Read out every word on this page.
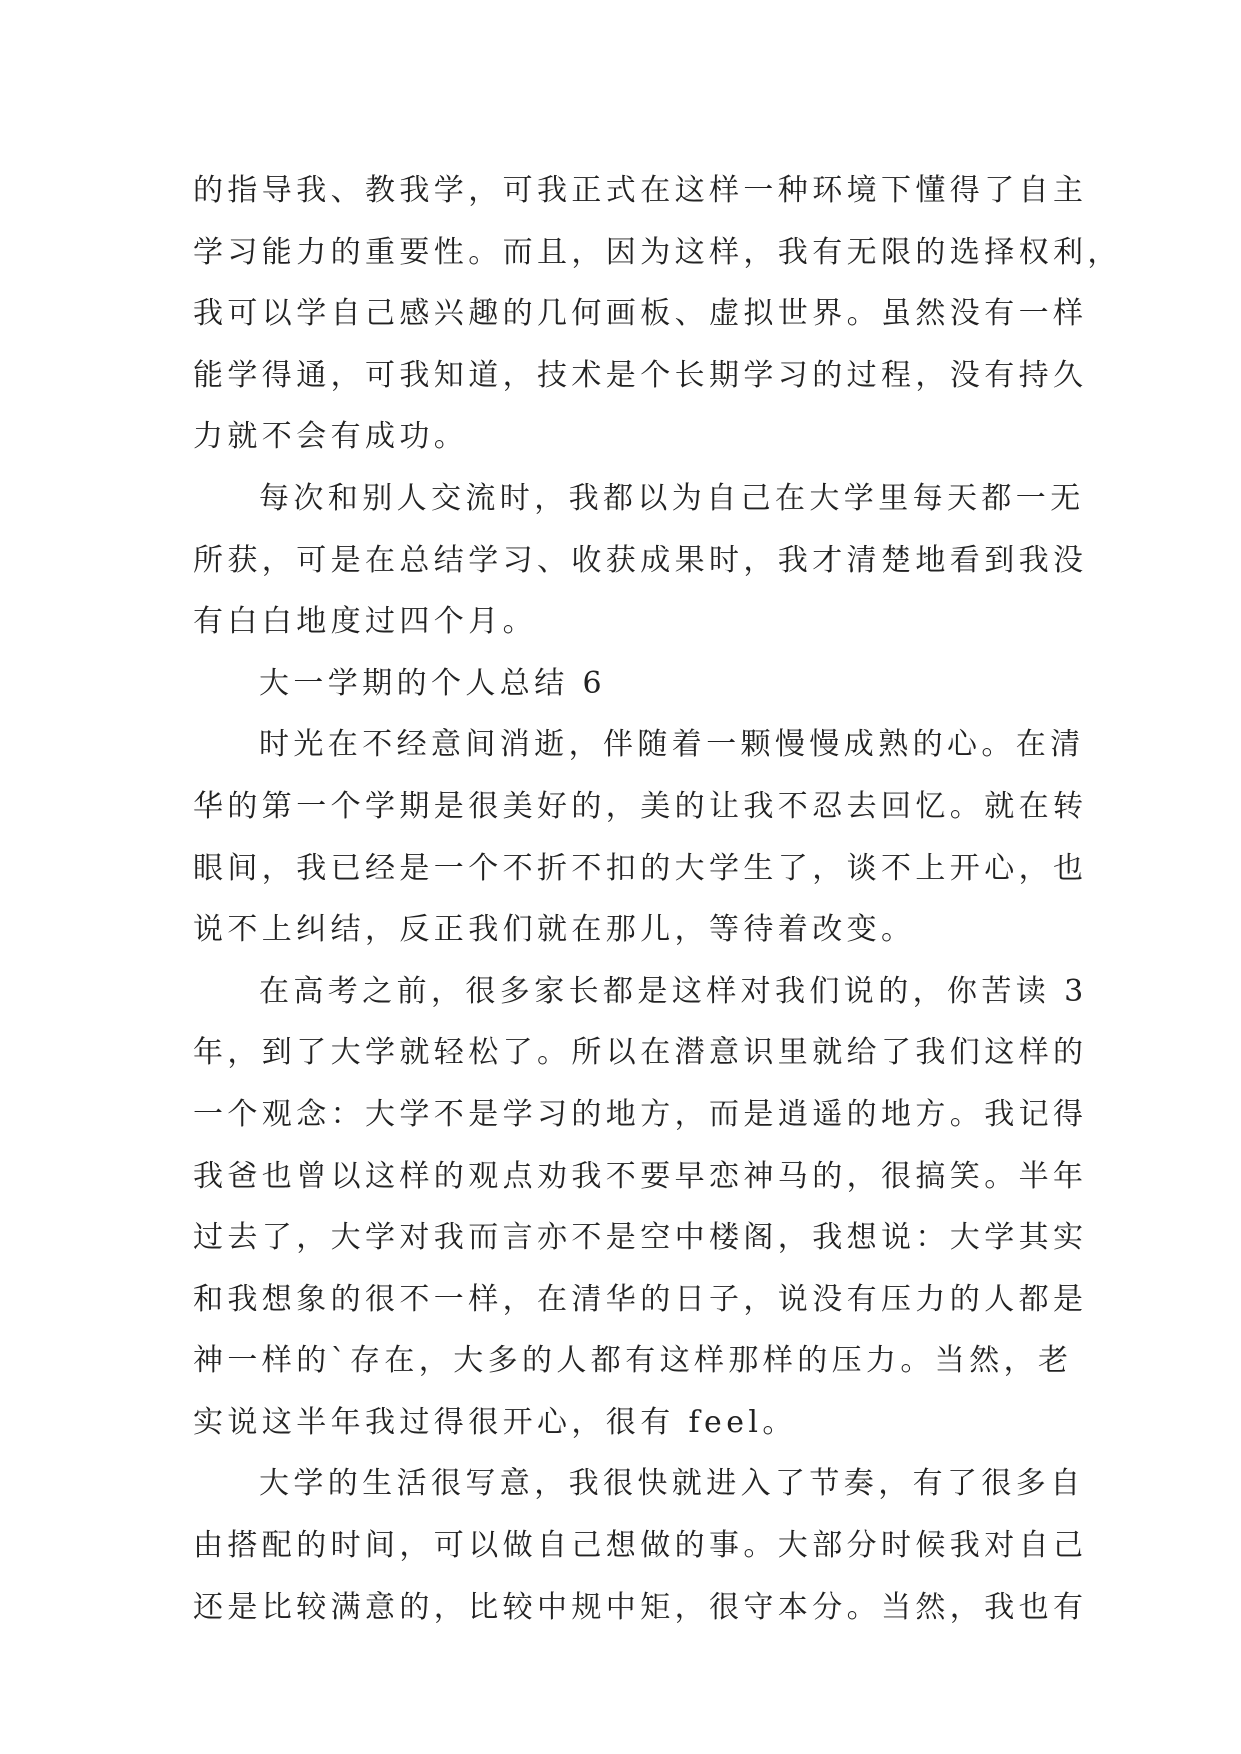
的指导我、教我学，可我正式在这样一种环境下懂得了自主
学习能力的重要性。而且，因为这样，我有无限的选择权利，
我可以学自己感兴趣的几何画板、虚拟世界。虽然没有一样
能学得通，可我知道，技术是个长期学习的过程，没有持久
力就不会有成功。
每次和别人交流时，我都以为自己在大学里每天都一无
所获，可是在总结学习、收获成果时，我才清楚地看到我没
有白白地度过四个月。
大一学期的个人总结 6
时光在不经意间消逝，伴随着一颗慢慢成熟的心。在清
华的第一个学期是很美好的，美的让我不忍去回忆。就在转
眼间，我已经是一个不折不扣的大学生了，谈不上开心，也
说不上纠结，反正我们就在那儿，等待着改变。
在高考之前，很多家长都是这样对我们说的，你苦读 3
年，到了大学就轻松了。所以在潜意识里就给了我们这样的
一个观念：大学不是学习的地方，而是逍遥的地方。我记得
我爸也曾以这样的观点劝我不要早恋神马的，很搞笑。半年
过去了，大学对我而言亦不是空中楼阁，我想说：大学其实
和我想象的很不一样，在清华的日子，说没有压力的人都是
神一样的`存在，大多的人都有这样那样的压力。当然，老
实说这半年我过得很开心，很有 feel。
大学的生活很写意，我很快就进入了节奏，有了很多自
由搭配的时间，可以做自己想做的事。大部分时候我对自己
还是比较满意的，比较中规中矩，很守本分。当然，我也有
